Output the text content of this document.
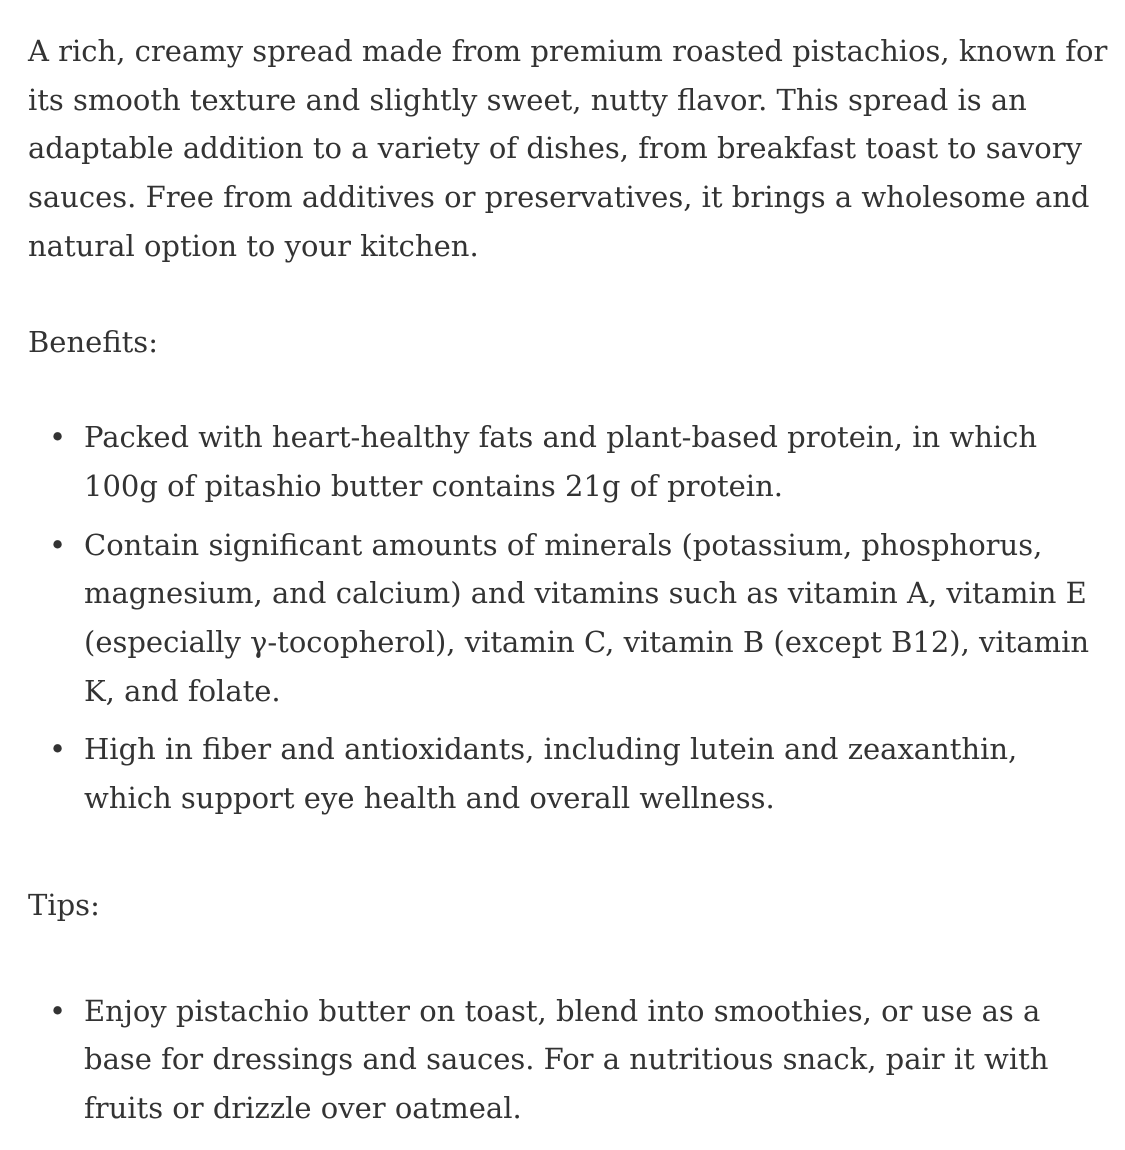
A rich, creamy spread made from premium roasted pistachios, known for its smooth texture and slightly sweet, nutty flavor. This spread is an adaptable addition to a variety of dishes, from breakfast toast to savory sauces. Free from additives or preservatives, it brings a wholesome and natural option to your kitchen.

Benefits:

• Packed with heart-healthy fats and plant-based protein, in which 100g of pitashio butter contains 21g of protein.
• Contain significant amounts of minerals (potassium, phosphorus, magnesium, and calcium) and vitamins such as vitamin A, vitamin E (especially γ-tocopherol), vitamin C, vitamin B (except B12), vitamin K, and folate.
• High in fiber and antioxidants, including lutein and zeaxanthin, which support eye health and overall wellness.

Tips:

• Enjoy pistachio butter on toast, blend into smoothies, or use as a base for dressings and sauces. For a nutritious snack, pair it with fruits or drizzle over oatmeal.
